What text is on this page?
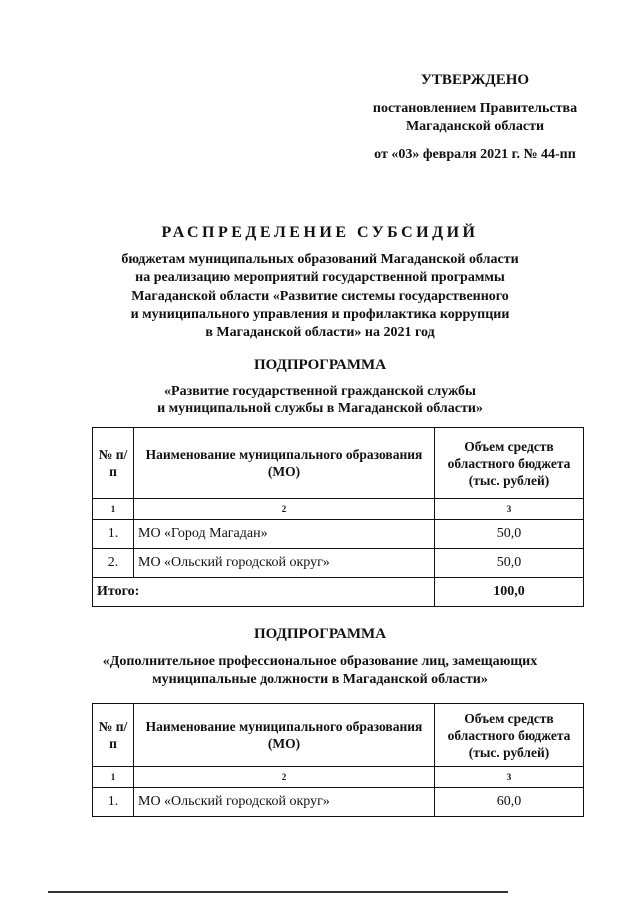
УТВЕРЖДЕНО
постановлением Правительства
Магаданской области
от «03» февраля 2021 г. № 44-пп
РАСПРЕДЕЛЕНИЕ СУБСИДИЙ
бюджетам муниципальных образований Магаданской области
на реализацию мероприятий государственной программы
Магаданской области «Развитие системы государственного
и муниципального управления и профилактика коррупции
в Магаданской области» на 2021 год
ПОДПРОГРАММА
«Развитие государственной гражданской службы
и муниципальной службы в Магаданской области»
№ п/п	Наименование муниципального образования (МО)	Объем средств областного бюджета (тыс. рублей)
1	2	3
1.	МО «Город Магадан»	50,0
2.	МО «Ольский городской округ»	50,0
Итого:		100,0
ПОДПРОГРАММА
«Дополнительное профессиональное образование лиц, замещающих
муниципальные должности в Магаданской области»
№ п/п	Наименование муниципального образования (МО)	Объем средств областного бюджета (тыс. рублей)
1	2	3
1.	МО «Ольский городской округ»	60,0
